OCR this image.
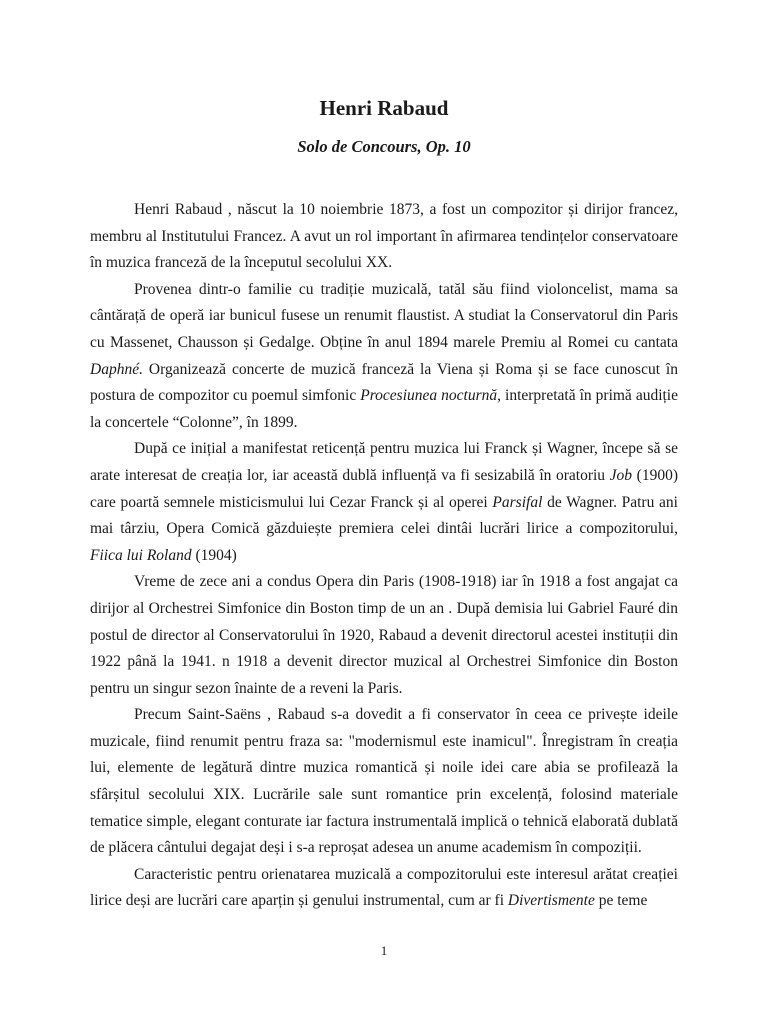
Henri Rabaud
Solo de Concours, Op. 10

Henri Rabaud , născut la 10 noiembrie 1873, a fost un compozitor și dirijor francez, membru al Institutului Francez. A avut un rol important în afirmarea tendințelor conservatoare în muzica franceză de la începutul secolului XX.

Provenea dintr-o familie cu tradiție muzicală, tatăl său fiind violoncelist, mama sa cântărață de operă iar bunicul fusese un renumit flaustist. A studiat la Conservatorul din Paris cu Massenet, Chausson și Gedalge. Obține în anul 1894 marele Premiu al Romei cu cantata Daphné. Organizează concerte de muzică franceză la Viena și Roma și se face cunoscut în postura de compozitor cu poemul simfonic Procesiunea nocturnă, interpretată în primă audiție la concertele “Colonne”, în 1899.

După ce inițial a manifestat reticență pentru muzica lui Franck și Wagner, începe să se arate interesat de creația lor, iar această dublă influență va fi sesizabilă în oratoriu Job (1900) care poartă semnele misticismului lui Cezar Franck și al operei Parsifal de Wagner. Patru ani mai târziu, Opera Comică găzduiește premiera celei dintâi lucrări lirice a compozitorului, Fiica lui Roland (1904)

Vreme de zece ani a condus Opera din Paris (1908-1918) iar în 1918 a fost angajat ca dirijor al Orchestrei Simfonice din Boston timp de un an . După demisia lui Gabriel Fauré din postul de director al Conservatorului în 1920, Rabaud a devenit directorul acestei instituții din 1922 până la 1941. n 1918 a devenit director muzical al Orchestrei Simfonice din Boston pentru un singur sezon înainte de a reveni la Paris.

Precum Saint-Saëns , Rabaud s-a dovedit a fi conservator în ceea ce privește ideile muzicale, fiind renumit pentru fraza sa: "modernismul este inamicul". Înregistram în creația lui, elemente de legătură dintre muzica romantică și noile idei care abia se profilează la sfârșitul secolului XIX. Lucrările sale sunt romantice prin excelență, folosind materiale tematice simple, elegant conturate iar factura instrumentală implică o tehnică elaborată dublată de plăcera cântului degajat deși i s-a reproșat adesea un anume academism în compoziții.

Caracteristic pentru orienatarea muzicală a compozitorului este interesul arătat creației lirice deși are lucrări care aparțin și genului instrumental, cum ar fi Divertismente pe teme

1
